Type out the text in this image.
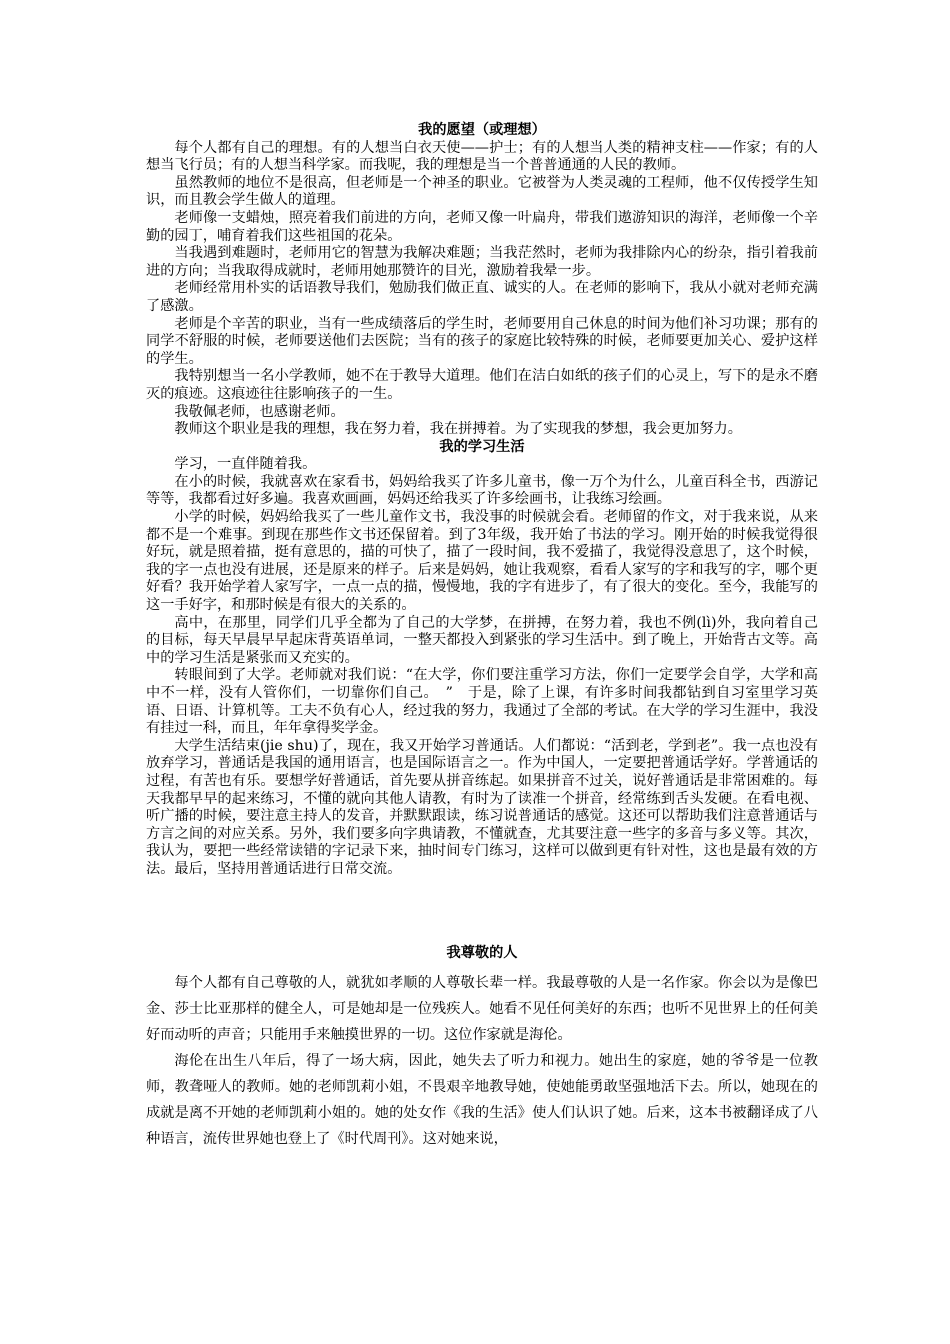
我的愿望（或理想）

每个人都有自己的理想。有的人想当白衣天使——护士；有的人想当人类的精神支柱——作家；有的人想当飞行员；有的人想当科学家。而我呢，我的理想是当一个普普通通的人民的教师。

虽然教师的地位不是很高，但老师是一个神圣的职业。它被誉为人类灵魂的工程师，他不仅传授学生知识，而且教会学生做人的道理。

老师像一支蜡烛，照亮着我们前进的方向，老师又像一叶扁舟，带我们遨游知识的海洋，老师像一个辛勤的园丁，哺育着我们这些祖国的花朵。

当我遇到难题时，老师用它的智慧为我解决难题；当我茫然时，老师为我排除内心的纷杂，指引着我前进的方向；当我取得成就时，老师用她那赞许的目光，激励着我晕一步。

老师经常用朴实的话语教导我们，勉励我们做正直、诚实的人。在老师的影响下，我从小就对老师充满了感激。

老师是个辛苦的职业，当有一些成绩落后的学生时，老师要用自己休息的时间为他们补习功课；那有的同学不舒服的时候，老师要送他们去医院；当有的孩子的家庭比较特殊的时候，老师要更加关心、爱护这样的学生。

我特别想当一名小学教师，她不在于教导大道理。他们在洁白如纸的孩子们的心灵上，写下的是永不磨灭的痕迹。这痕迹往往影响孩子的一生。

我敬佩老师，也感谢老师。

教师这个职业是我的理想，我在努力着，我在拼搏着。为了实现我的梦想，我会更加努力。

我的学习生活

学习，一直伴随着我。

在小的时候，我就喜欢在家看书，妈妈给我买了许多儿童书，像一万个为什么，儿童百科全书，西游记等等，我都看过好多遍。我喜欢画画，妈妈还给我买了许多绘画书，让我练习绘画。

小学的时候，妈妈给我买了一些儿童作文书，我没事的时候就会看。老师留的作文，对于我来说，从来都不是一个难事。到现在那些作文书还保留着。到了3年级，我开始了书法的学习。刚开始的时候我觉得很好玩，就是照着描，挺有意思的，描的可快了，描了一段时间，我不爱描了，我觉得没意思了，这个时候，我的字一点也没有进展，还是原来的样子。后来是妈妈，她让我观察，看看人家写的字和我写的字，哪个更好看？我开始学着人家写字，一点一点的描，慢慢地，我的字有进步了，有了很大的变化。至今，我能写的这一手好字，和那时候是有很大的关系的。

高中，在那里，同学们几乎全都为了自己的大学梦，在拼搏，在努力着，我也不例(lì)外，我向着自己的目标，每天早晨早早起床背英语单词，一整天都投入到紧张的学习生活中。到了晚上，开始背古文等。高中的学习生活是紧张而又充实的。

转眼间到了大学。老师就对我们说：“在大学，你们要注重学习方法，你们一定要学会自学，大学和高中不一样，没有人管你们，一切靠你们自己。　”　于是，除了上课，有许多时间我都钻到自习室里学习英语、日语、计算机等。工夫不负有心人，经过我的努力，我通过了全部的考试。在大学的学习生涯中，我没有挂过一科，而且，年年拿得奖学金。

大学生活结束(jie shu)了，现在，我又开始学习普通话。人们都说：“活到老，学到老”。我一点也没有放弃学习，普通话是我国的通用语言，也是国际语言之一。作为中国人，一定要把普通话学好。学普通话的过程，有苦也有乐。要想学好普通话，首先要从拼音练起。如果拼音不过关，说好普通话是非常困难的。每天我都早早的起来练习，不懂的就向其他人请教，有时为了读准一个拼音，经常练到舌头发硬。在看电视、听广播的时候，要注意主持人的发音，并默默跟读，练习说普通话的感觉。这还可以帮助我们注意普通话与方言之间的对应关系。另外，我们要多向字典请教，不懂就查，尤其要注意一些字的多音与多义等。其次，我认为，要把一些经常读错的字记录下来，抽时间专门练习，这样可以做到更有针对性，这也是最有效的方法。最后，坚持用普通话进行日常交流。

我尊敬的人

每个人都有自己尊敬的人，就犹如孝顺的人尊敬长辈一样。我最尊敬的人是一名作家。你会以为是像巴金、莎士比亚那样的健全人，可是她却是一位残疾人。她看不见任何美好的东西；也听不见世界上的任何美好而动听的声音；只能用手来触摸世界的一切。这位作家就是海伦。

海伦在出生八年后，得了一场大病，因此，她失去了听力和视力。她出生的家庭，她的爷爷是一位教师，教聋哑人的教师。她的老师凯莉小姐，不畏艰辛地教导她，使她能勇敢坚强地活下去。所以，她现在的成就是离不开她的老师凯莉小姐的。她的处女作《我的生活》使人们认识了她。后来，这本书被翻译成了八种语言，流传世界她也登上了《时代周刊》。这对她来说，
